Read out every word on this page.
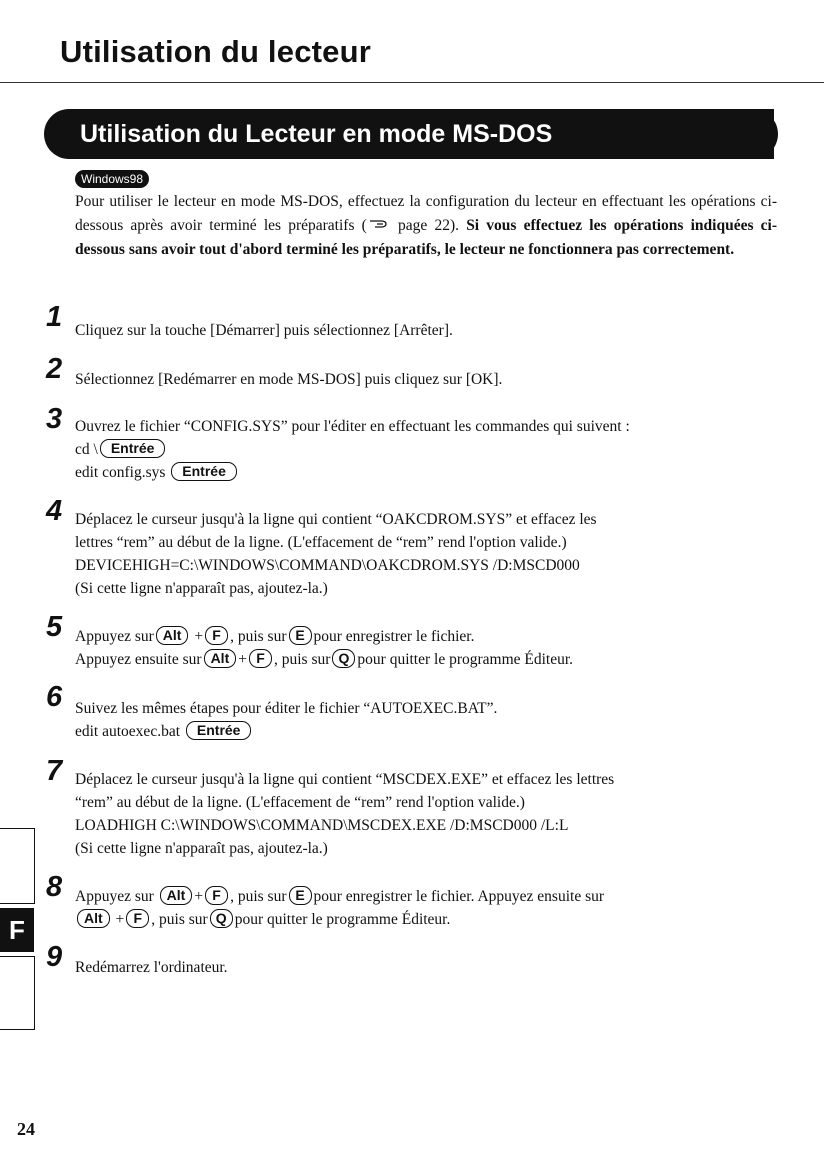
Utilisation du lecteur
Utilisation du Lecteur en mode MS-DOS
Windows98
Pour utiliser le lecteur en mode MS-DOS, effectuez la configuration du lecteur en effectuant les opérations ci-dessous après avoir terminé les préparatifs ( page 22). Si vous effectuez les opérations indiquées ci-dessous sans avoir tout d'abord terminé les préparatifs, le lecteur ne fonctionnera pas correctement.
1 Cliquez sur la touche [Démarrer] puis sélectionnez [Arrêter].
2 Sélectionnez [Redémarrer en mode MS-DOS] puis cliquez sur [OK].
3 Ouvrez le fichier “CONFIG.SYS” pour l'éditer en effectuant les commandes qui suivent :
cd \ Entrée
edit config.sys Entrée
4 Déplacez le curseur jusqu'à la ligne qui contient “OAKCDROM.SYS” et effacez les
lettres “rem” au début de la ligne. (L'effacement de “rem” rend l'option valide.)
DEVICEHIGH=C:\WINDOWS\COMMAND\OAKCDROM.SYS /D:MSCD000
(Si cette ligne n'apparaît pas, ajoutez-la.)
5 Appuyez sur Alt + F , puis sur E pour enregistrer le fichier.
Appuyez ensuite sur Alt + F , puis sur Q pour quitter le programme Éditeur.
6 Suivez les mêmes étapes pour éditer le fichier “AUTOEXEC.BAT”.
edit autoexec.bat Entrée
7 Déplacez le curseur jusqu'à la ligne qui contient “MSCDEX.EXE” et effacez les lettres
“rem” au début de la ligne. (L'effacement de “rem” rend l'option valide.)
LOADHIGH C:\WINDOWS\COMMAND\MSCDEX.EXE /D:MSCD000 /L:L
(Si cette ligne n'apparaît pas, ajoutez-la.)
8 Appuyez sur Alt + F , puis sur E pour enregistrer le fichier. Appuyez ensuite sur
Alt + F , puis sur Q pour quitter le programme Éditeur.
9 Redémarrez l'ordinateur.
F
24
